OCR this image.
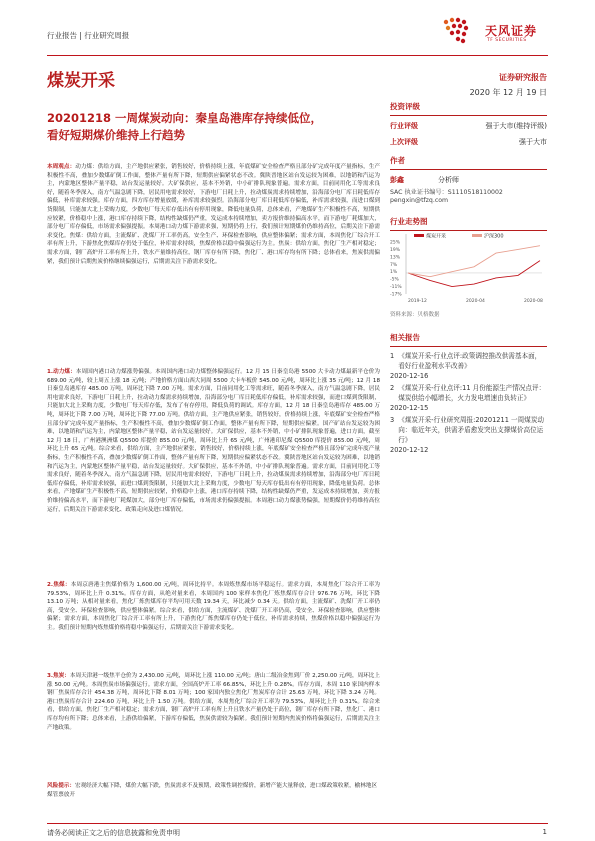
行业报告 | 行业研究周报	天风证券
TF SECURITIES
煤炭开采	证券研究报告
2020 年 12 月 19 日
20201218 一周煤炭动向：秦皇岛港库存持续低位，
看好短期煤价维持上行趋势
投资评级
行业评级	强于大市(维持评级)
上次评级	强于大市
作者
彭鑫	分析师
SAC 执业证书编号：S1110518110002
pengxin@tfzq.com
行业走势图
25%
19%
13%
7%
1%
-5%
-11%
-17%
2019-12	2020-04	2020-08
煤炭开采	沪深300
资料来源：贝格数据
相关报告
1 《煤炭开采-行业点评:政策调控推改供需基本面，看好行业盈利水平改善》
2020-12-16
2 《煤炭开采-行业点评:11 月份能源生产情况点评：煤炭供给小幅增长，火力发电增速由负转正》
2020-12-15
3 《煤炭开采-行业研究周报:20201211 一周煤炭动向：临近年关，供需矛盾愈发突出支撑煤价高位运行》
2020-12-12
本周观点：动力煤：供给方面，主产地供应紧张，销售较好，价格持续上涨，年底煤矿安全检查严格且部分矿完成年度产量指标，生产积极性不高，叠加少数煤矿倒工作面，整体产量有所下降，短期供应偏紧状态不改。冀陕晋地区站台发运较为困难，以地销和汽运为主，内蒙地区整体产量平稳，站台发运量较好。大矿保供应，基本不外销，中小矿排队现象普遍。需求方面，目前同用化工等需求良好，随着冬季深入，南方气温急剧下降，居民用电需求较好，下游电厂日耗上升，拉动煤炭需求持续增加，沿海部分电厂库日耗低库存偏低，补库需求较强。库存方面，四方库存增量放缓，补库需求较强烈。沿海部分电厂库日耗低库存偏低，补库需求较强，而进口煤到货限制，只能加大北上采购力度，少数电厂每天库存低出有有停用现象，降低电量负荷，总体来看，产地煤矿生产积极性不高，短期供应较紧，价格稳中上涨，港口库存持续下降，结构性缺煤仍严重，发运成本持续增加，卖方报价维持偏高水平，而下游电厂耗煤加大，部分电厂库存偏低，市场需求偏强提振。本周港口动力煤下游需求强，短期仍将上行，我们预计短期煤价仍维持高位，后期关注下游需求变化。焦煤：供给方面，主流煤矿、洗煤厂开工率仍高，安全生产、环保检查影响，供应整体偏紧；需求方面，本周焦化厂综合开工率有所上升，下游焦化焦煤库存仍处于低位，补库需求持续，焦煤价格以稳中偏强运行为主。焦炭：供给方面，焦化厂生产相对稳定；需求方面，钢厂高炉开工率有所上升，铁水产量维持高位，钢厂库存有所下降，焦化厂、港口库存均有所下降；总体看来，焦炭供需偏紧，我们预计后期焦炭价格继续偏强运行，后期需关注下游需求变化。
1.动力煤：本周国内港口动力煤涨势偏强。本周国内港口动力煤整体偏强运行。12 月 15 日秦皇岛港 5500 大卡动力煤最新平仓价为 689.00 元/吨，较上周五上涨 18 元/吨；产地价格方面山西大同周 5500 大卡车板价 545.00 元/吨，周环比上涨 35 元/吨；12 月 18 日秦皇岛港库存 485.00 万吨，周环比下降 7.00 万吨。需求方面，目前同用化工等需求旺，随着冬季深入，南方气温急剧下降，居民用电需求良好，下游电厂日耗上升，拉动动力煤需求持续增加，沿海部分电厂库日耗低库存偏低，补库需求较强，而进口煤到货限制，只能加大北上采购力度，少数电厂每天库存低，发布了有存停用，降低负荷的调试。库存方面，12 月 18 日秦皇岛港库存 485.00 万吨，周环比下降 7.00 万吨，周环比下降 77.00 万吨。供给方面，主产地供应紧张，销售较好，价格持续上涨，年底煤矿安全检查严格且部分矿完成年度产量指标，生产积极性不高，叠加少数煤矿倒工作面，整体产量有所下降，短期供应偏紧。国产矿站台发运较为困难，以地销和汽运为主，内蒙地区整体产量平稳，站台发运量较好。大矿保供应，基本不外销，中小矿排队现象普遍，进口方面，截至 12 月 18 日，广州港澳洲煤 Q5500 库提价 855.00 元/吨，周环比上升 65 元/吨，广州港印尼煤 Q5500 库提价 855.00 元/吨，周环比上升 65 元/吨。综合来看，供给方面，主产地供应紧张，销售较好，价格持续上涨，年底煤矿安全检查严格且部分矿完成年度产量指标，生产积极性不高，叠加少数煤矿倒工作面，整体产量有所下降，短期供应偏紧状态不改。冀陕晋地区站台发运较为困难，以地销和汽运为主，内蒙地区整体产量平稳，站台发运量较好。大矿保供应，基本不外销，中小矿排队现象普遍。需求方面，目前同用化工等需求良好，随着冬季深入，南方气温急剧下降，居民用电需求较好，下游电厂日耗上升，拉动煤炭需求持续增加，沿海部分电厂库日耗低库存偏低，补库需求较强，而进口煤到货限制，只能加大北上采购力度，少数电厂每天库存低出有有停用现象，降低电量负荷。总体来看，产地煤矿生产积极性不高，短期供应较紧，价格稳中上涨，港口库存持续下降，结构性缺煤仍严重，发运成本持续增加，卖方报价维持偏高水平，而下游电厂耗煤加大，部分电厂库存偏低，市场需求仍偏强提振。本周港口动力煤涨势偏强，短期煤价仍将维持高位运行，后期关注下游需求变化、政策走向及进口煤情况。
2.焦煤：本周京唐港主焦煤价格为 1,600.00 元/吨，周环比持平。本周炼焦煤市场平稳运行。需求方面，本周焦化厂综合开工率为 79.53%，周环比上升 0.31%。库存方面，从绝对量来看，本周国内 100 家样本焦化厂炼焦煤库存合计 976.76 万吨，环比下降 13.10 万吨；从相对量来看，焦化厂炼焦煤库存平均可用天数 19.34 天，环比减少 0.34 天。供给方面，主流煤矿、洗煤厂开工率仍高，受安全、环保检查影响，供应整体偏紧。综合来看，供给方面，主流煤矿、洗煤厂开工率仍高，受安全、环保检查影响，供应整体偏紧；需求方面，本周焦化厂综合开工率有所上升，下游焦化厂炼焦煤库存仍处于低位，补库需求持续，焦煤价格以稳中偏强运行为主。我们预计短期内炼焦煤价格将稳中偏强运行，后期需关注下游需求变化。
3.焦炭：本周天津港一级焦平仓价为 2,430.00 元/吨，周环比上涨 110.00 元/吨；唐山二级冶金焦到厂价 2,250.00 元/吨，周环比上涨 50.00 元/吨。本周焦炭市场偏强运行。需求方面，全国高炉开工率 66.85%，环比上升 0.28%。库存方面，本周 110 家国内样本钢厂焦炭库存合计 454.38 万吨，周环比下降 8.01 万吨；100 家国内独立焦化厂焦炭库存合计 25.63 万吨，环比下降 3.24 万吨。港口焦炭库存合计 224.60 万吨，环比上升 1.50 万吨。供给方面，本周焦化厂综合开工率为 79.53%，周环比上升 0.31%。综合来看，供给方面，焦化厂生产相对稳定；需求方面，钢厂高炉开工率有所上升且铁水产量仍处于高位，钢厂库存有所下降，焦化厂、港口库存均有所下降；总体来看，上游供给偏紧，下游库存偏低，焦炭供需较为偏紧。我们预计短期内焦炭价格将偏强运行，后期需关注主产地政策。
风险提示：宏观经济大幅下降，煤价大幅下跌，焦炭需求不及预期，政策性调控煤价，新增产能大量释放，进口煤政策收紧，榆林地区煤管票放开
请务必阅读正文之后的信息披露和免责申明	1
